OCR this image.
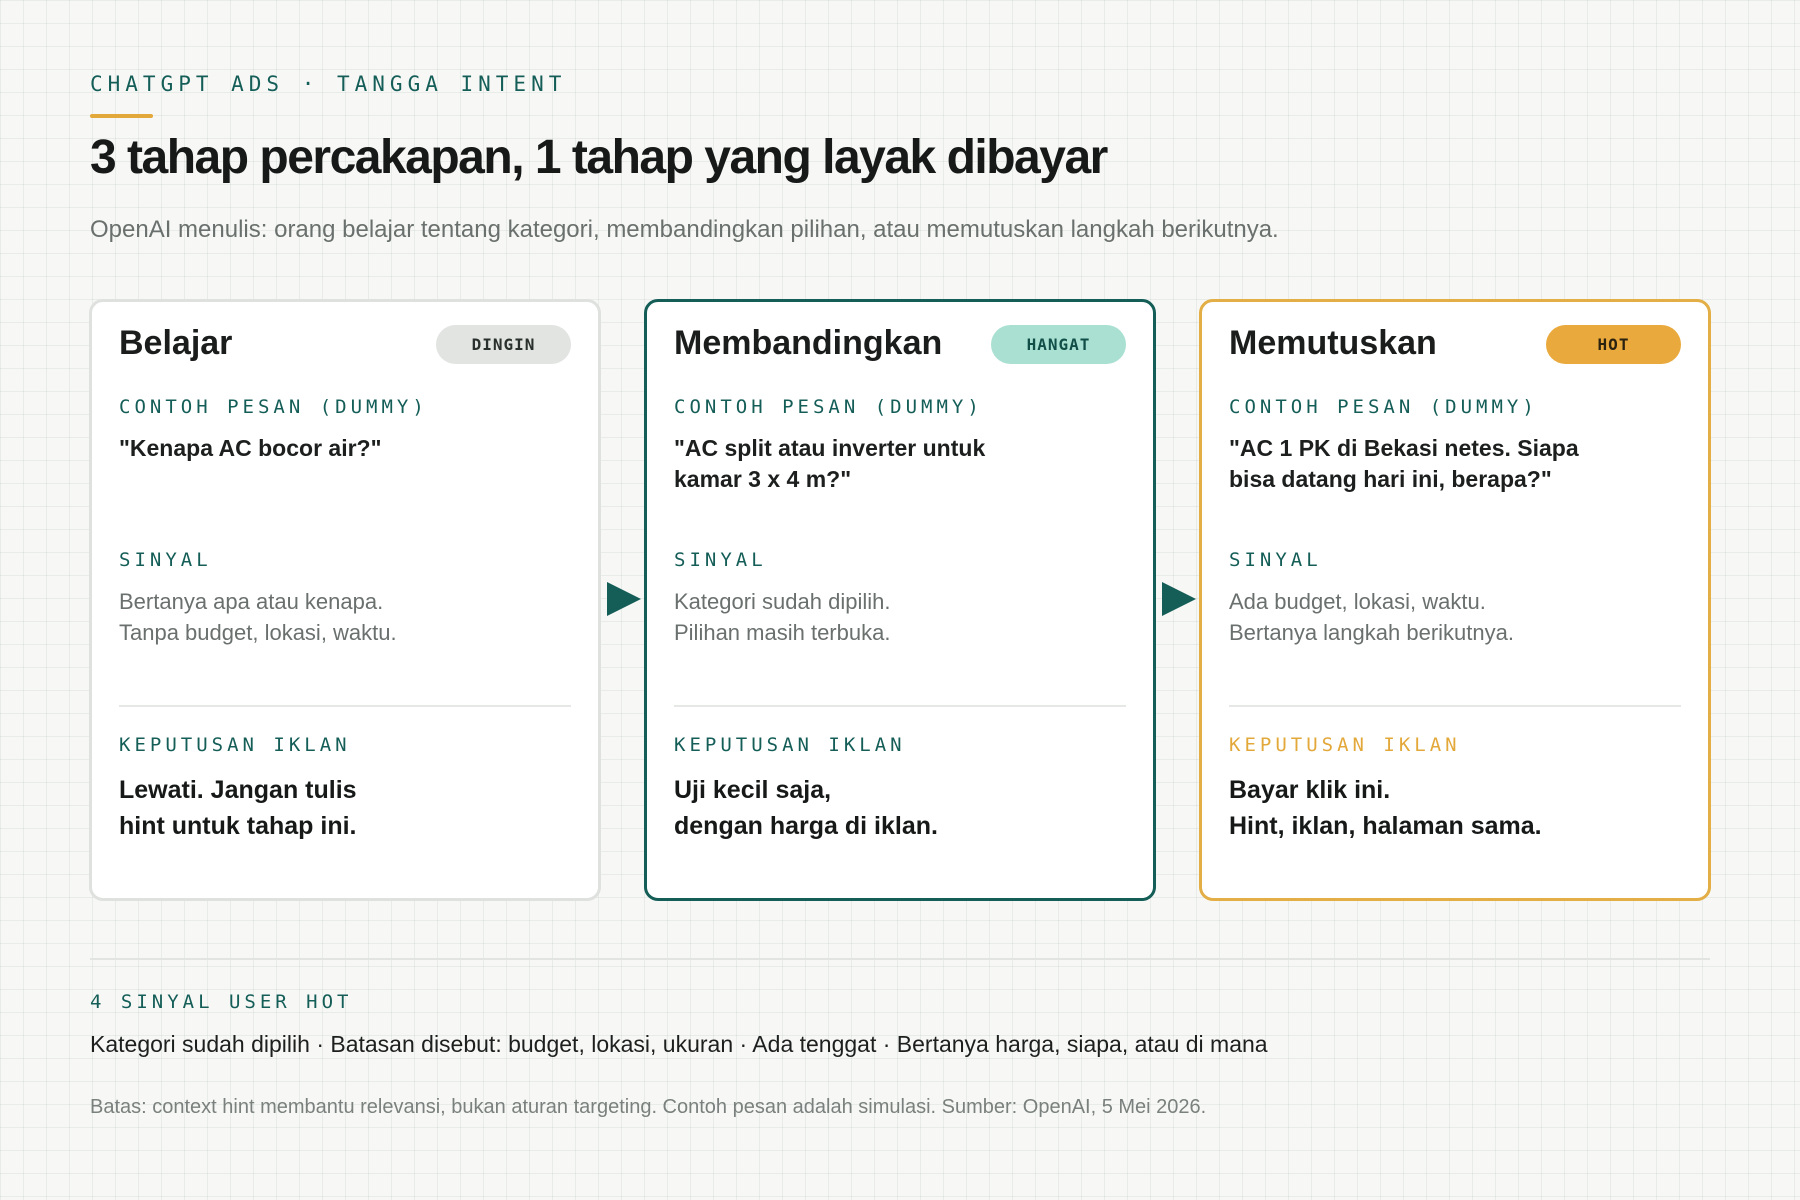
CHATGPT ADS · TANGGA INTENT
3 tahap percakapan, 1 tahap yang layak dibayar

OpenAI menulis: orang belajar tentang kategori, membandingkan pilihan, atau memutuskan langkah berikutnya.

Belajar	DINGIN
CONTOH PESAN (DUMMY)
"Kenapa AC bocor air?"
SINYAL
Bertanya apa atau kenapa.
Tanpa budget, lokasi, waktu.
KEPUTUSAN IKLAN
Lewati. Jangan tulis
hint untuk tahap ini.
Membandingkan	HANGAT
CONTOH PESAN (DUMMY)
"AC split atau inverter untuk kamar 3 x 4 m?"
SINYAL
Kategori sudah dipilih.
Pilihan masih terbuka.
KEPUTUSAN IKLAN
Uji kecil saja,
dengan harga di iklan.
Memutuskan	HOT
CONTOH PESAN (DUMMY)
"AC 1 PK di Bekasi netes. Siapa bisa datang hari ini, berapa?"
SINYAL
Ada budget, lokasi, waktu.
Bertanya langkah berikutnya.
KEPUTUSAN IKLAN
Bayar klik ini.
Hint, iklan, halaman sama.
4 SINYAL USER HOT
Kategori sudah dipilih · Batasan disebut: budget, lokasi, ukuran · Ada tenggat · Bertanya harga, siapa, atau di mana
Batas: context hint membantu relevansi, bukan aturan targeting. Contoh pesan adalah simulasi. Sumber: OpenAI, 5 Mei 2026.
